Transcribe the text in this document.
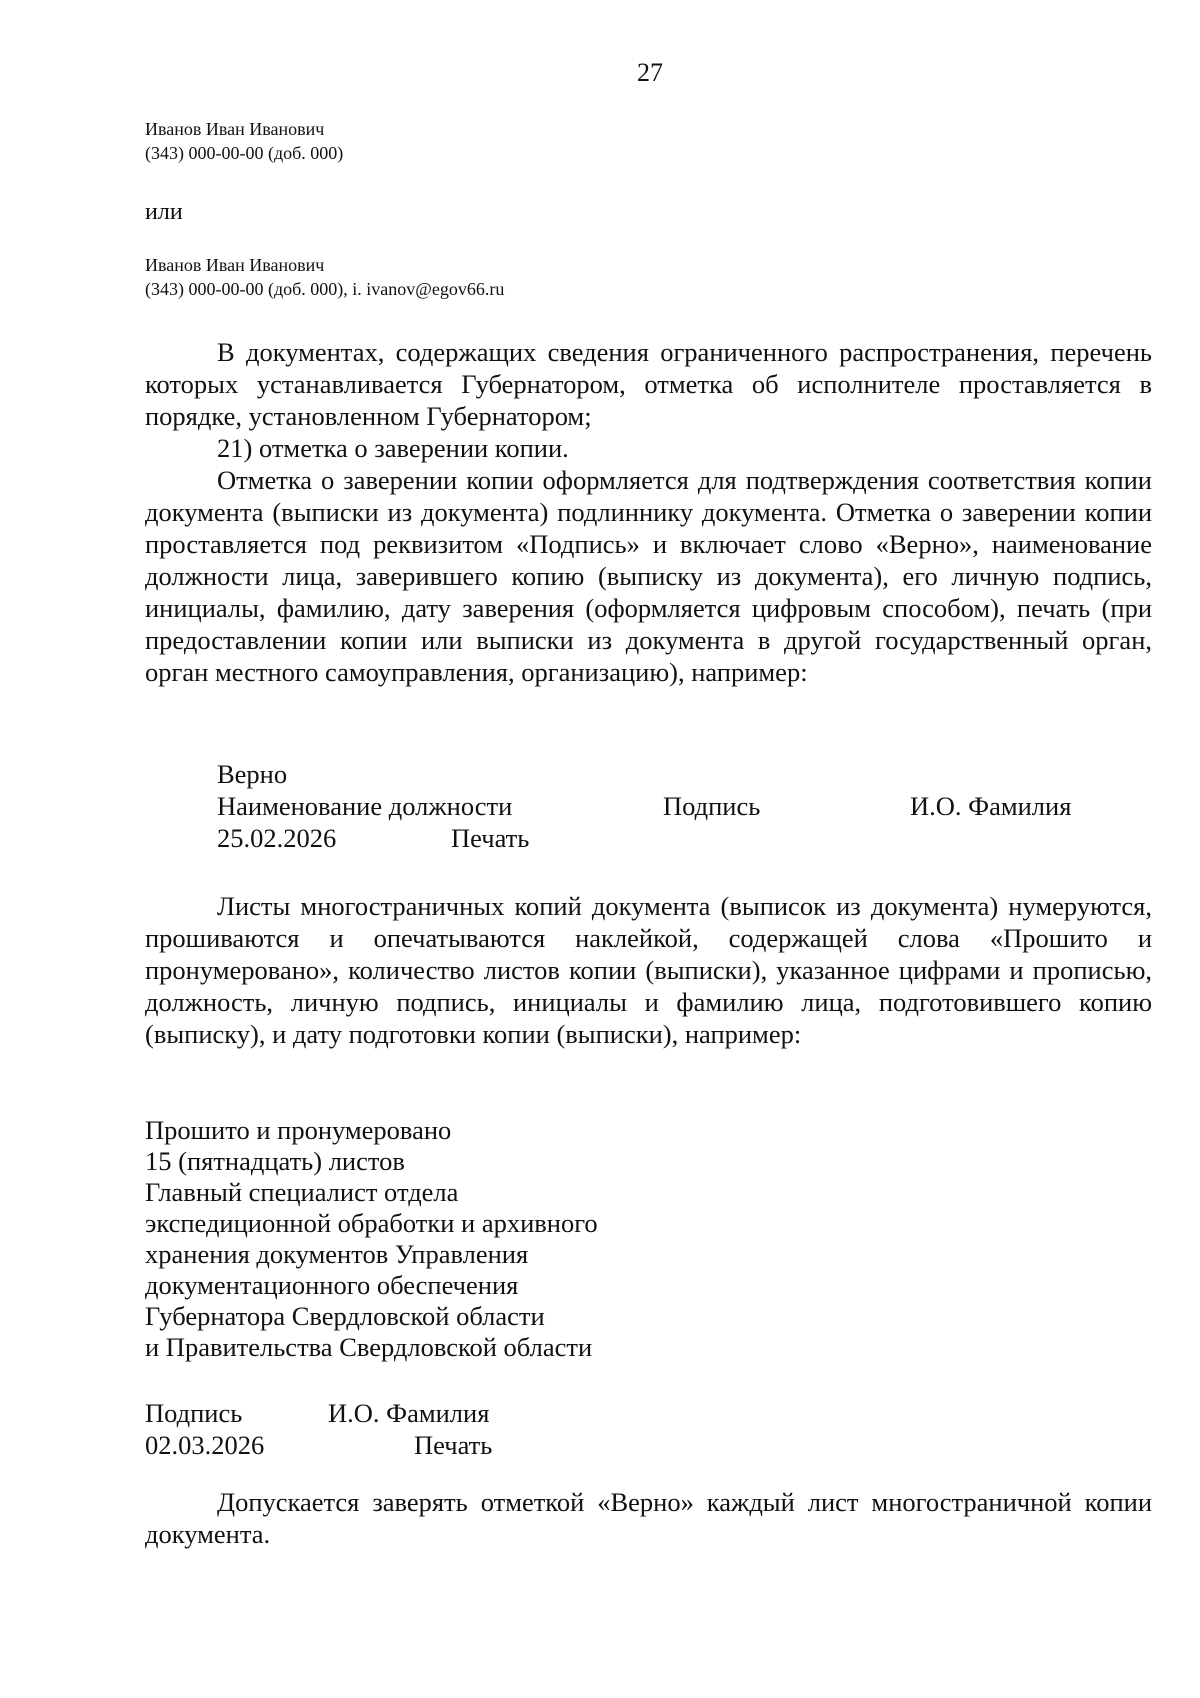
27
Иванов Иван Иванович
(343) 000-00-00 (доб. 000)
или
Иванов Иван Иванович
(343) 000-00-00 (доб. 000), i. ivanov@egov66.ru
В документах, содержащих сведения ограниченного распространения, перечень которых устанавливается Губернатором, отметка об исполнителе проставляется в порядке, установленном Губернатором;
21) отметка о заверении копии.
Отметка о заверении копии оформляется для подтверждения соответствия копии документа (выписки из документа) подлиннику документа. Отметка о заверении копии проставляется под реквизитом «Подпись» и включает слово «Верно», наименование должности лица, заверившего копию (выписку из документа), его личную подпись, инициалы, фамилию, дату заверения (оформляется цифровым способом), печать (при предоставлении копии или выписки из документа в другой государственный орган, орган местного самоуправления, организацию), например:
Верно
Наименование должности	Подпись	И.О. Фамилия
25.02.2026	Печать
Листы многостраничных копий документа (выписок из документа) нумеруются, прошиваются и опечатываются наклейкой, содержащей слова «Прошито и пронумеровано», количество листов копии (выписки), указанное цифрами и прописью, должность, личную подпись, инициалы и фамилию лица, подготовившего копию (выписку), и дату подготовки копии (выписки), например:
Прошито и пронумеровано
15 (пятнадцать) листов
Главный специалист отдела
экспедиционной обработки и архивного
хранения документов Управления
документационного обеспечения
Губернатора Свердловской области
и Правительства Свердловской области
Подпись	И.О. Фамилия
02.03.2026	Печать
Допускается заверять отметкой «Верно» каждый лист многостраничной копии документа.
